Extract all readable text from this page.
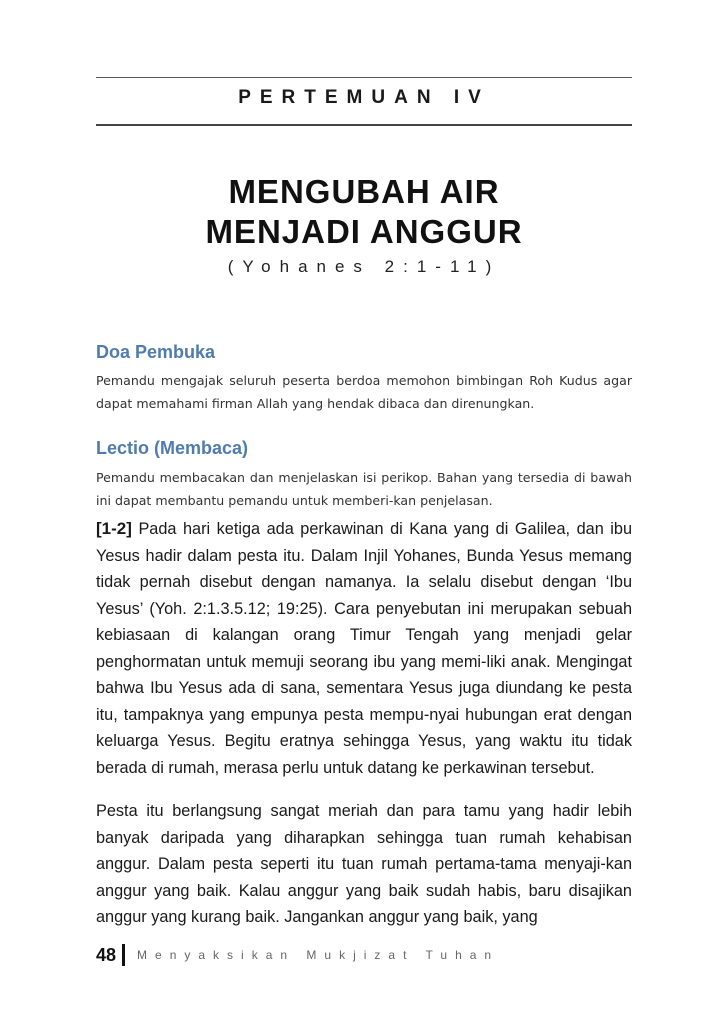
PERTEMUAN IV
MENGUBAH AIR
MENJADI ANGGUR
(Yohanes 2:1-11)
Doa Pembuka
Pemandu mengajak seluruh peserta berdoa memohon bimbingan Roh Kudus agar dapat memahami firman Allah yang hendak dibaca dan direnungkan.
Lectio (Membaca)
Pemandu membacakan dan menjelaskan isi perikop. Bahan yang tersedia di bawah ini dapat membantu pemandu untuk memberi-kan penjelasan.
[1-2] Pada hari ketiga ada perkawinan di Kana yang di Galilea, dan ibu Yesus hadir dalam pesta itu. Dalam Injil Yohanes, Bunda Yesus memang tidak pernah disebut dengan namanya. Ia selalu disebut dengan ‘Ibu Yesus’ (Yoh. 2:1.3.5.12; 19:25). Cara penyebutan ini merupakan sebuah kebiasaan di kalangan orang Timur Tengah yang menjadi gelar penghormatan untuk memuji seorang ibu yang memi-liki anak. Mengingat bahwa Ibu Yesus ada di sana, sementara Yesus juga diundang ke pesta itu, tampaknya yang empunya pesta mempu-nyai hubungan erat dengan keluarga Yesus. Begitu eratnya sehingga Yesus, yang waktu itu tidak berada di rumah, merasa perlu untuk datang ke perkawinan tersebut.
Pesta itu berlangsung sangat meriah dan para tamu yang hadir lebih banyak daripada yang diharapkan sehingga tuan rumah kehabisan anggur. Dalam pesta seperti itu tuan rumah pertama-tama menyaji-kan anggur yang baik. Kalau anggur yang baik sudah habis, baru disajikan anggur yang kurang baik. Jangankan anggur yang baik, yang
48 Menyaksikan Mukjizat Tuhan
